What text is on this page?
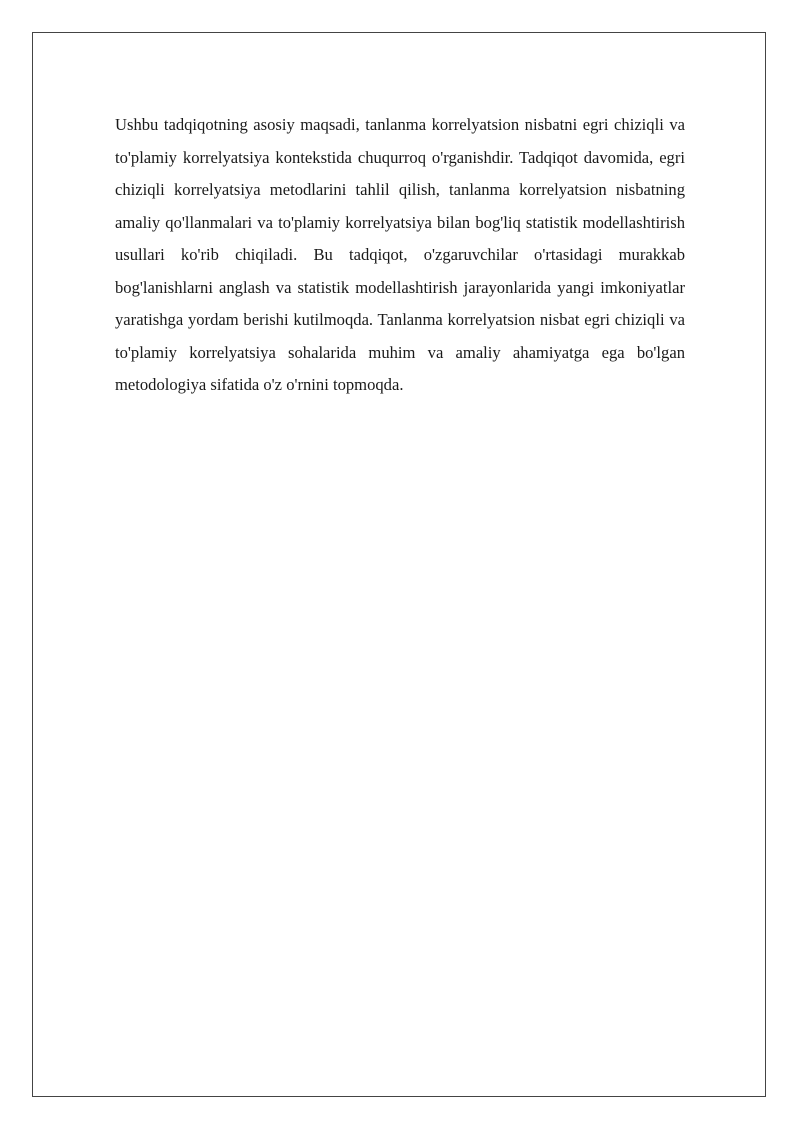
Ushbu tadqiqotning asosiy maqsadi, tanlanma korrelyatsion nisbatni egri chiziqli va to'plamiy korrelyatsiya kontekstida chuqurroq o'rganishdir. Tadqiqot davomida, egri chiziqli korrelyatsiya metodlarini tahlil qilish, tanlanma korrelyatsion nisbatning amaliy qo'llanmalari va to'plamiy korrelyatsiya bilan bog'liq statistik modellashtirish usullari ko'rib chiqiladi. Bu tadqiqot, o'zgaruvchilar o'rtasidagi murakkab bog'lanishlarni anglash va statistik modellashtirish jarayonlarida yangi imkoniyatlar yaratishga yordam berishi kutilmoqda. Tanlanma korrelyatsion nisbat egri chiziqli va to'plamiy korrelyatsiya sohalarida muhim va amaliy ahamiyatga ega bo'lgan metodologiya sifatida o'z o'rnini topmoqda.
